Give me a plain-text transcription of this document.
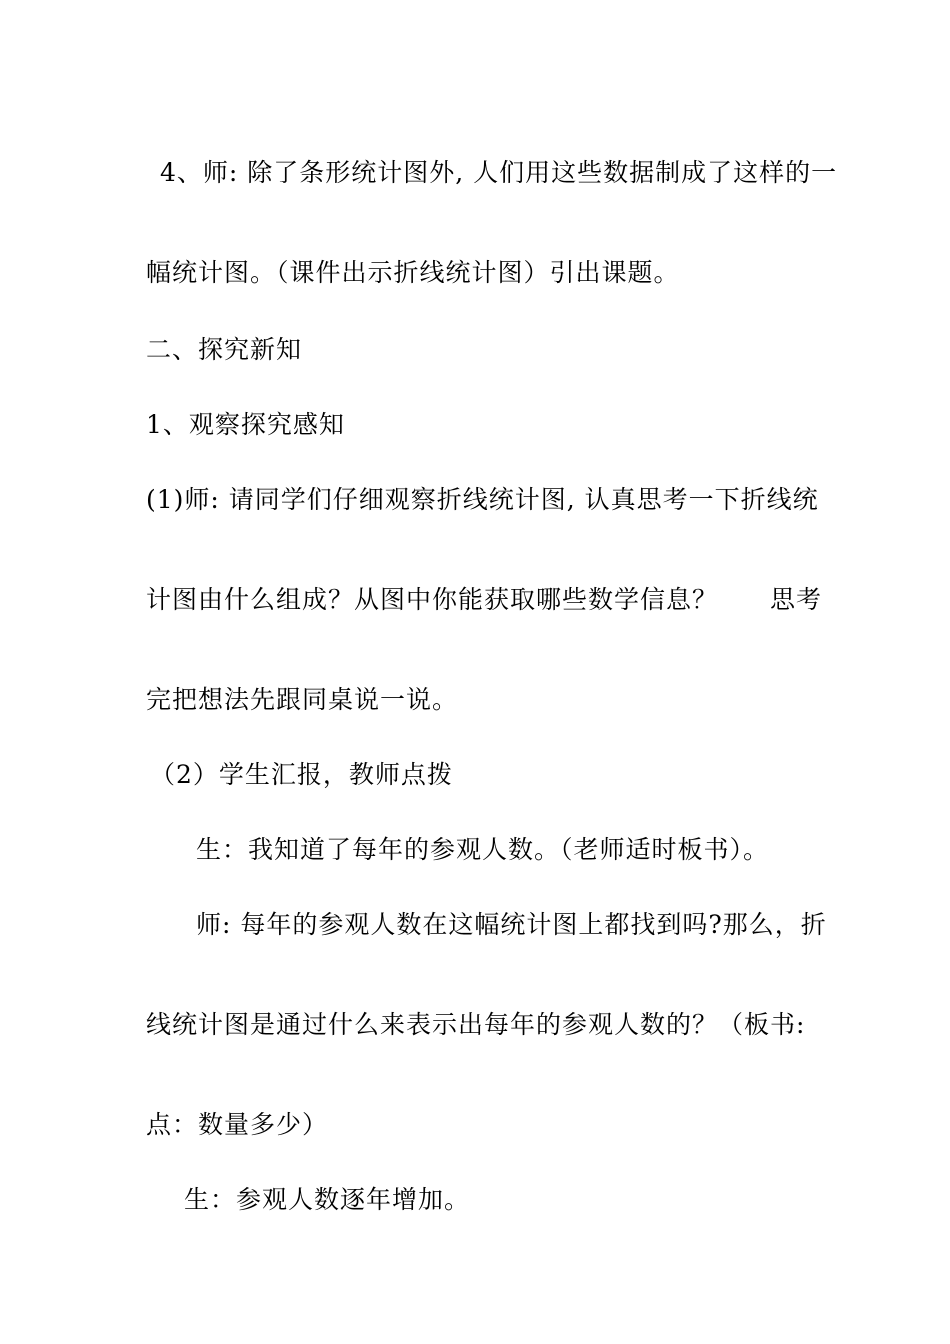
4、师: 除了条形统计图外, 人们用这些数据制成了这样的一

幅统计图。（课件出示折线统计图）引出课题。

二、探究新知

1、观察探究感知

(1)师: 请同学们仔细观察折线统计图, 认真思考一下折线统

计图由什么组成？从图中你能获取哪些数学信息？　　思考

完把想法先跟同桌说一说。

（2）学生汇报，教师点拨

生：我知道了每年的参观人数。（老师适时板书）。

师: 每年的参观人数在这幅统计图上都找到吗?那么，折

线统计图是通过什么来表示出每年的参观人数的？（板书:

点：数量多少）

生：参观人数逐年增加。
